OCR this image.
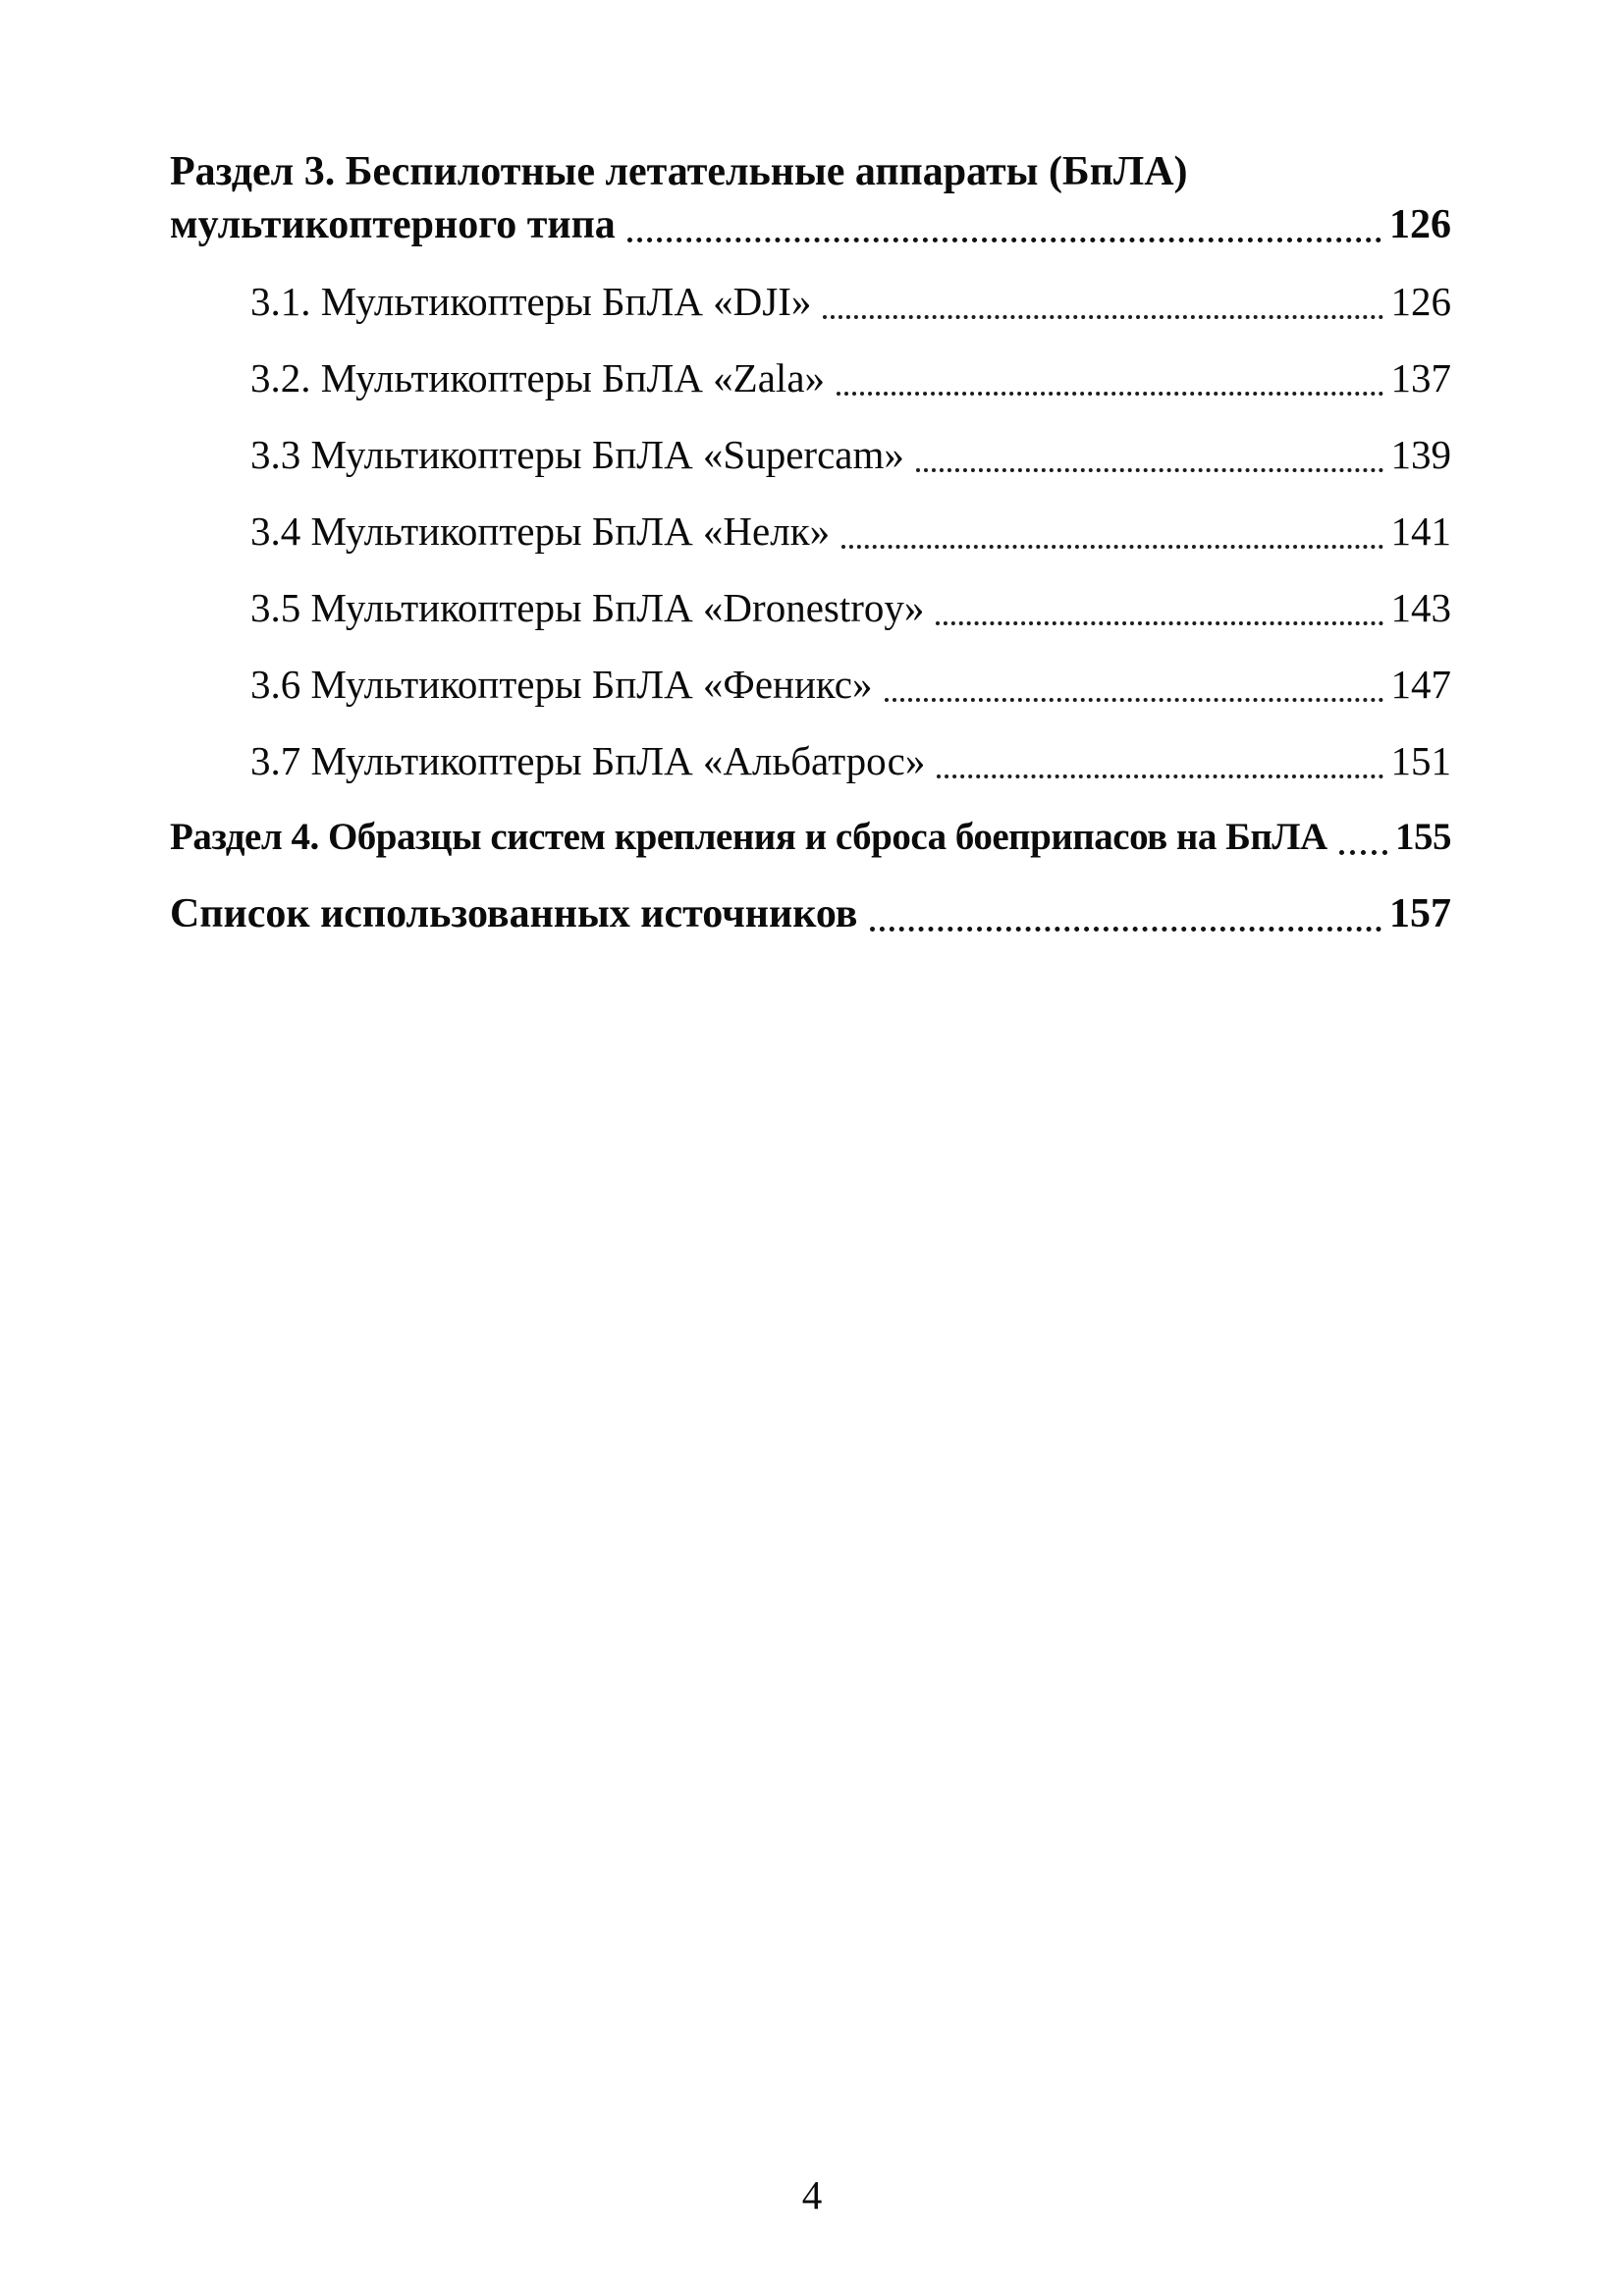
Раздел 3. Беспилотные летательные аппараты (БпЛА)
мультикоптерного типа	126
3.1. Мультикоптеры БпЛА «DJI»	126
3.2. Мультикоптеры БпЛА «Zala»	137
3.3 Мультикоптеры БпЛА «Supercam»	139
3.4 Мультикоптеры БпЛА «Нелк»	141
3.5 Мультикоптеры БпЛА «Dronestroy»	143
3.6 Мультикоптеры БпЛА «Феникс»	147
3.7 Мультикоптеры БпЛА «Альбатрос»	151
Раздел 4. Образцы систем крепления и сброса боеприпасов на БпЛА 155
Список использованных источников	157
4
